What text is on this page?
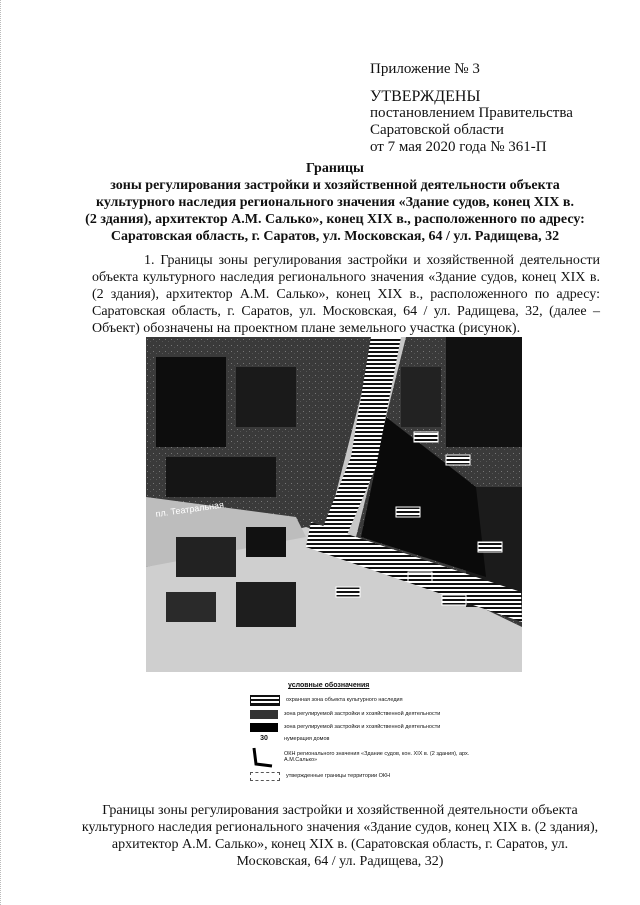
Приложение № 3
УТВЕРЖДЕНЫ
постановлением Правительства
Саратовской области
от 7 мая 2020 года № 361-П
Границы
зоны регулирования застройки и хозяйственной деятельности объекта
культурного наследия регионального значения «Здание судов, конец XIX в.
(2 здания), архитектор А.М. Салько», конец XIX в., расположенного по адресу:
Саратовская область, г. Саратов, ул. Московская, 64 / ул. Радищева, 32
1. Границы зоны регулирования застройки и хозяйственной деятельности объекта культурного наследия регионального значения «Здание судов, конец XIX в. (2 здания), архитектор А.М. Салько», конец XIX в., расположенного по адресу: Саратовская область, г. Саратов, ул. Московская, 64 / ул. Радищева, 32, (далее – Объект) обозначены на проектном плане земельного участка (рисунок).
пл. Театральная
условные обозначения
охранная зона объекта культурного наследия
зона регулируемой застройки и хозяйственной деятельности
зона регулируемой застройки и хозяйственной деятельности
30	нумерация домов
ОКН регионального значения «Здание судов, кон. XIX в. (2 здания), арх. А.М.Салько»
утвержденные границы территории ОКН
Границы зоны регулирования застройки и хозяйственной деятельности объекта культурного наследия регионального значения «Здание судов, конец XIX в. (2 здания), архитектор А.М. Салько», конец XIX в. (Саратовская область, г. Саратов, ул. Московская, 64 / ул. Радищева, 32)
